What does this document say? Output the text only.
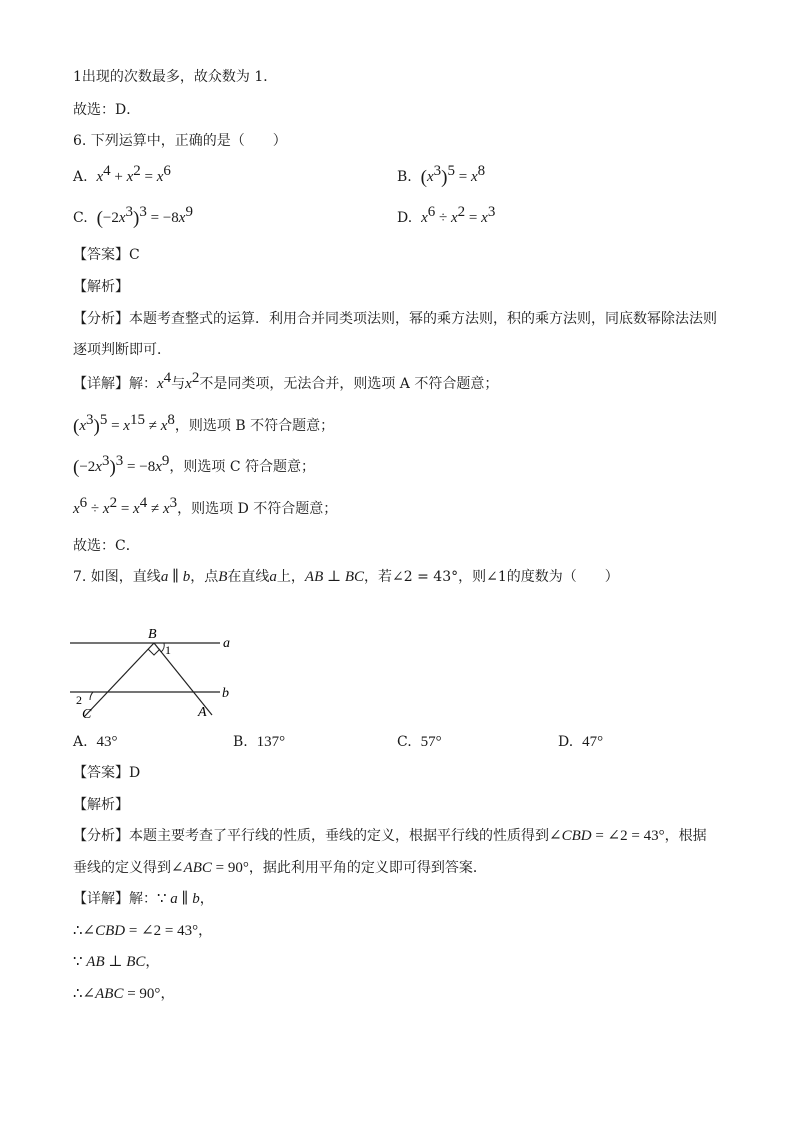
1出现的次数最多，故众数为 1．
故选：D．
6. 下列运算中，正确的是（　　）
A. $x^4 + x^2 = x^6$	B. $(x^3)^5 = x^8$
C. $(-2x^3)^3 = -8x^9$	D. $x^6 \div x^2 = x^3$
【答案】C
【解析】
【分析】本题考查整式的运算．利用合并同类项法则，幂的乘方法则，积的乘方法则，同底数幂除法法则
逐项判断即可．
【详解】解：$x^4$与$x^2$不是同类项，无法合并，则选项 A 不符合题意；
$(x^3)^5 = x^{15} \ne x^8$，则选项 B 不符合题意；
$(-2x^3)^3 = -8x^9$，则选项 C 符合题意；
$x^6 \div x^2 = x^4 \ne x^3$，则选项 D 不符合题意；
故选：C．
7. 如图，直线a ∥ b，点B在直线a上，AB ⊥ BC，若∠2 = 43°，则∠1的度数为（　　）
B
a
1
b
2
C	A
A. 43°	B. 137°	C. 57°	D. 47°
【答案】D
【解析】
【分析】本题主要考查了平行线的性质，垂线的定义，根据平行线的性质得到∠CBD = ∠2 = 43°，根据
垂线的定义得到∠ABC = 90°，据此利用平角的定义即可得到答案．
【详解】解：∵ a ∥ b，
∴∠CBD = ∠2 = 43°，
∵ AB ⊥ BC，
∴∠ABC = 90°，
